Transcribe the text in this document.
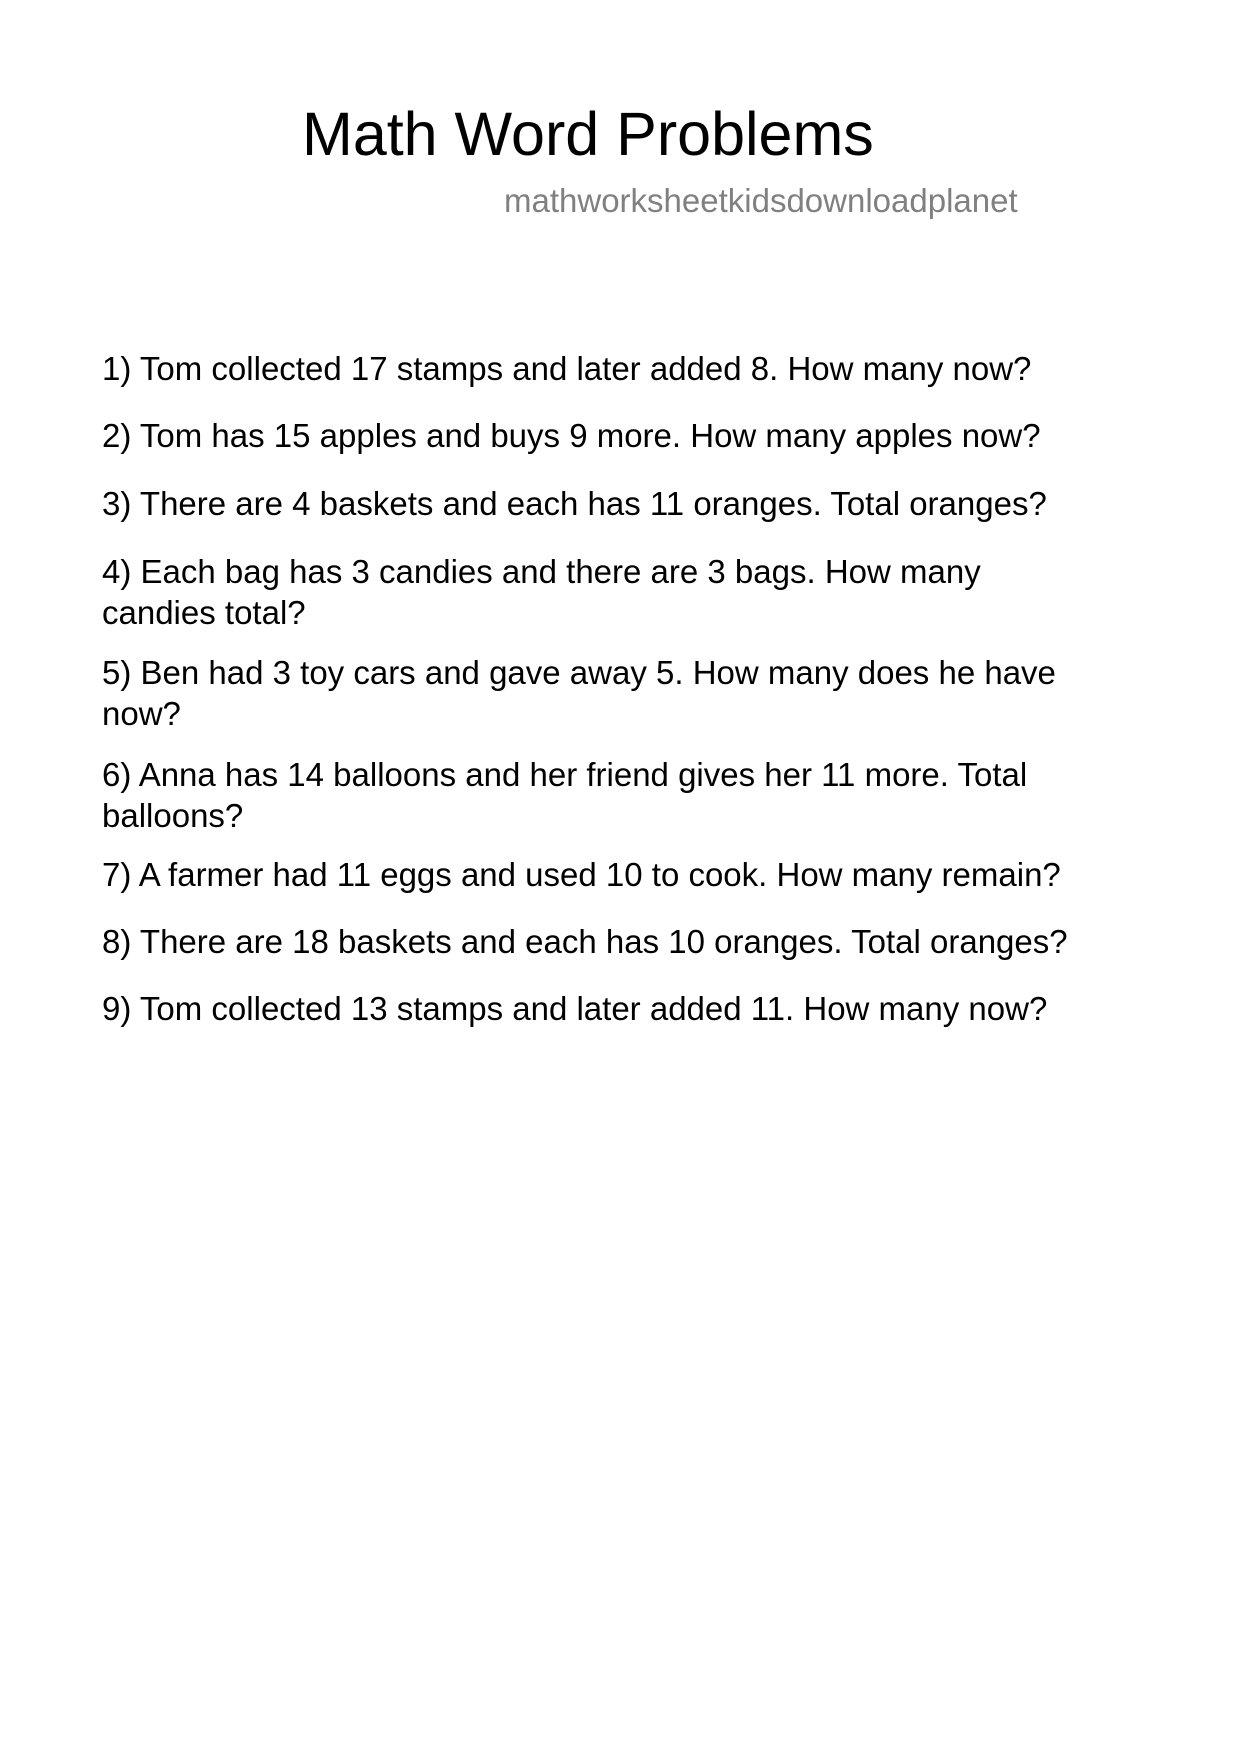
Math Word Problems
mathworksheetkidsdownloadplanet
1) Tom collected 17 stamps and later added 8. How many now?
2) Tom has 15 apples and buys 9 more. How many apples now?
3) There are 4 baskets and each has 11 oranges. Total oranges?
4) Each bag has 3 candies and there are 3 bags. How many
candies total?
5) Ben had 3 toy cars and gave away 5. How many does he have
now?
6) Anna has 14 balloons and her friend gives her 11 more. Total
balloons?
7) A farmer had 11 eggs and used 10 to cook. How many remain?
8) There are 18 baskets and each has 10 oranges. Total oranges?
9) Tom collected 13 stamps and later added 11. How many now?
